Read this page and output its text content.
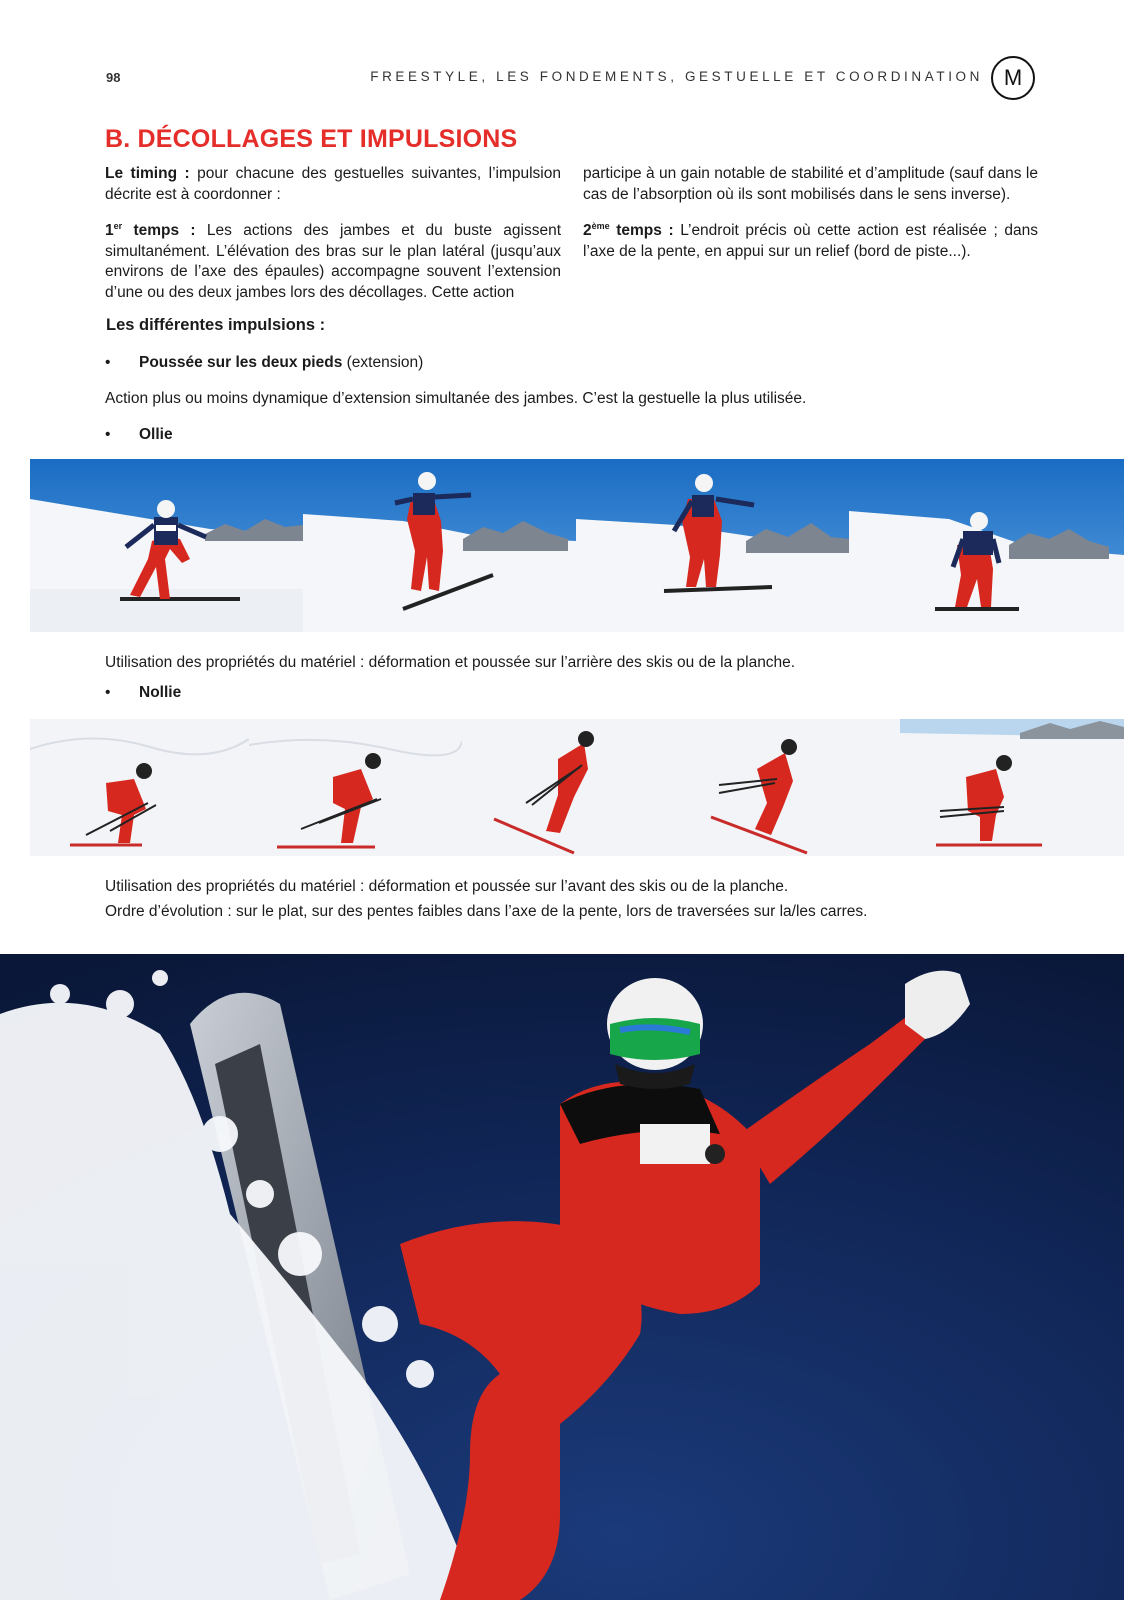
98	FREESTYLE, LES FONDEMENTS, GESTUELLE ET COORDINATION M
B. DÉCOLLAGES ET IMPULSIONS

Le timing : pour chacune des gestuelles suivantes, l’impulsion décrite est à coordonner :

1er temps : Les actions des jambes et du buste agissent simultanément. L’élévation des bras sur le plan latéral (jusqu’aux environs de l’axe des épaules) accompagne souvent l’extension d’une ou des deux jambes lors des décollages. Cette action

participe à un gain notable de stabilité et d’amplitude (sauf dans le cas de l’absorption où ils sont mobilisés dans le sens inverse).

2ème temps : L’endroit précis où cette action est réalisée ; dans l’axe de la pente, en appui sur un relief (bord de piste...).

Les différentes impulsions :
• Poussée sur les deux pieds (extension)
Action plus ou moins dynamique d’extension simultanée des jambes. C’est la gestuelle la plus utilisée.
• Ollie
Utilisation des propriétés du matériel : déformation et poussée sur l’arrière des skis ou de la planche.
• Nollie
Utilisation des propriétés du matériel : déformation et poussée sur l’avant des skis ou de la planche.
Ordre d’évolution : sur le plat, sur des pentes faibles dans l’axe de la pente, lors de traversées sur la/les carres.
